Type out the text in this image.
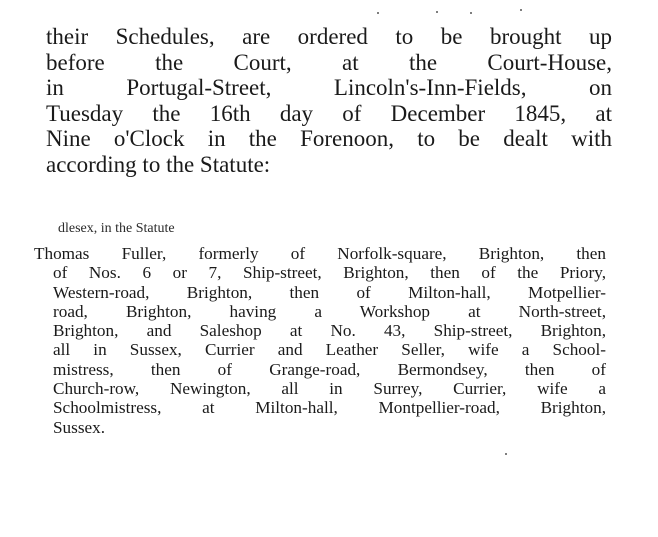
their Schedules, are ordered to be brought up
before the Court, at the Court-House,
in Portugal-Street, Lincoln's-Inn-Fields, on
Tuesday the 16th day of December 1845, at
Nine o'Clock in the Forenoon, to be dealt with
according to the Statute:
dlesex, in the Statute
Thomas Fuller, formerly of Norfolk-square, Brighton, then
of Nos. 6 or 7, Ship-street, Brighton, then of the Priory,
Western-road, Brighton, then of Milton-hall, Motpellier-
road, Brighton, having a Workshop at North-street,
Brighton, and Saleshop at No. 43, Ship-street, Brighton,
all in Sussex, Currier and Leather Seller, wife a School-
mistress, then of Grange-road, Bermondsey, then of
Church-row, Newington, all in Surrey, Currier, wife a
Schoolmistress, at Milton-hall, Montpellier-road, Brighton,
Sussex.
